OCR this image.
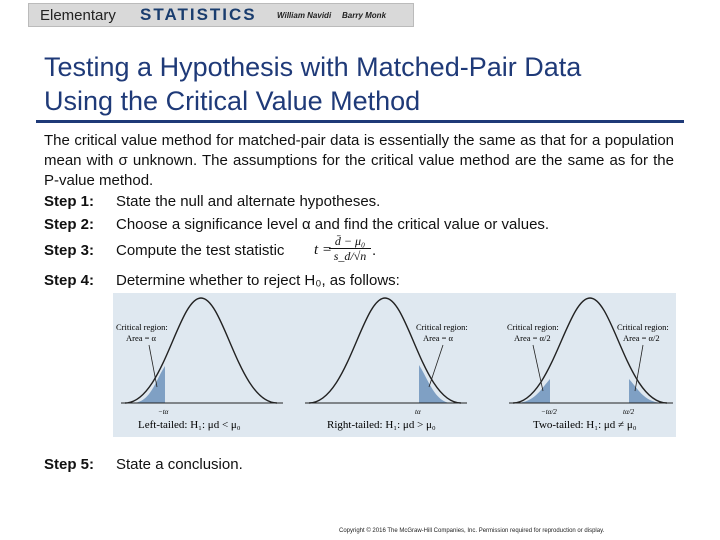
Elementary STATISTICS	William Navidi Barry Monk
Testing a Hypothesis with Matched-Pair Data
Using the Critical Value Method
The critical value method for matched-pair data is essentially the same as that for a population mean with σ unknown. The assumptions for the critical value method are the same as for the P-value method.
Step 1: State the null and alternate hypotheses.
Step 2: Choose a significance level α and find the critical value or values.
Step 3: Compute the test statistic t =
$\frac{\text{d̄ − μ₀}}{s\_d/√n}$ .
Step 4: Determine whether to reject H₀, as follows:
Critical region:
Area = α
−tα
Left-tailed: H₁: μd < μ₀
Critical region:
Area = α
tα
Right-tailed: H₁: μd > μ₀
Critical region:
Area = α/2
Critical region:
Area = α/2
−tα/2	tα/2
Two-tailed: H₁: μd ≠ μ₀
Step 5: State a conclusion.
Copyright © 2016 The McGraw-Hill Companies, Inc. Permission required for reproduction or display.
